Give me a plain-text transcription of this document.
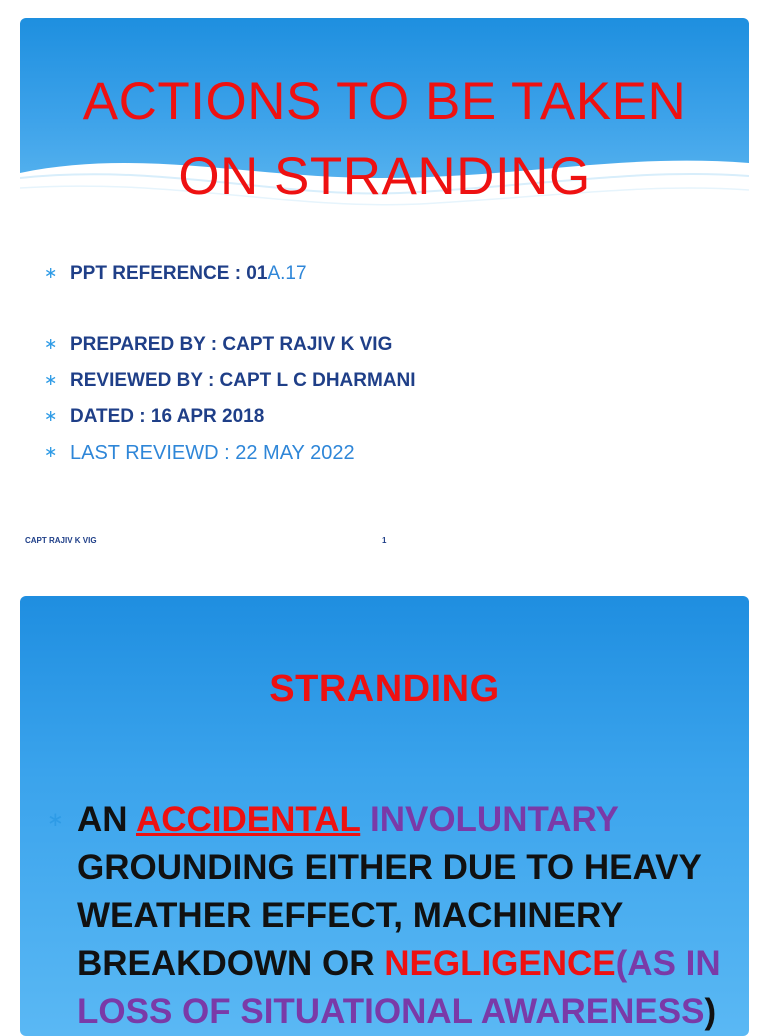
ACTIONS TO BE TAKEN
ON STRANDING
∗ PPT REFERENCE : 01A.17
∗ PREPARED BY : CAPT RAJIV K VIG
∗ REVIEWED BY : CAPT L C DHARMANI
∗ DATED : 16 APR 2018
∗ LAST REVIEWD : 22 MAY 2022
CAPT RAJIV K VIG	1
STRANDING

∗ AN ACCIDENTAL INVOLUNTARY GROUNDING EITHER DUE TO HEAVY WEATHER EFFECT, MACHINERY BREAKDOWN OR NEGLIGENCE(AS IN LOSS OF SITUATIONAL AWARENESS)
